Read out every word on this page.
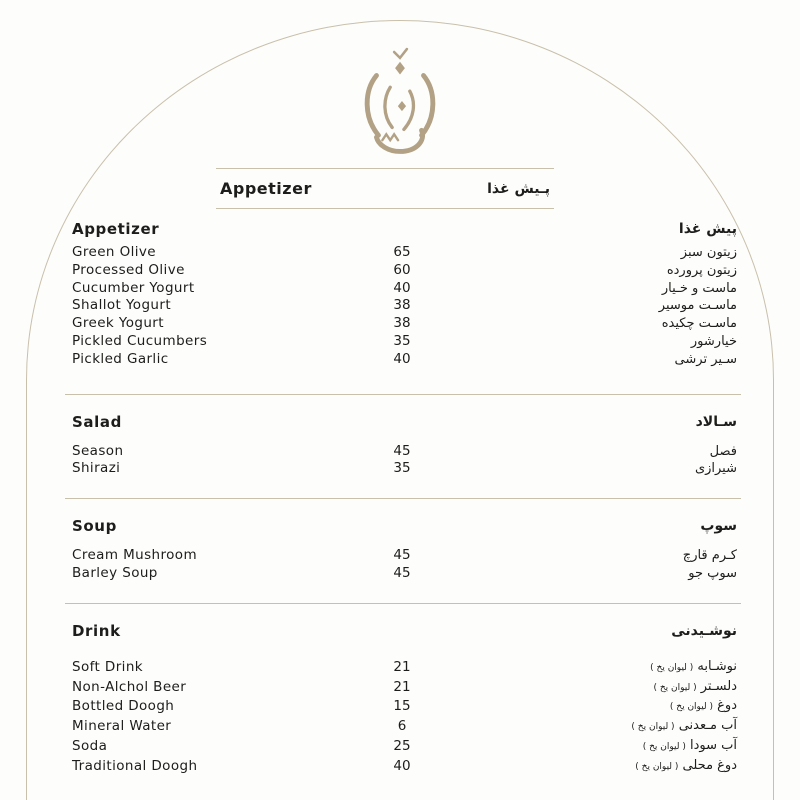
Appetizer	پـیش غذا
Appetizer	پیش غذا
Green Olive	65	زیتون سبز
Processed Olive	60	زیتون پرورده
Cucumber Yogurt	40	ماست و خـیار
Shallot Yogurt	38	ماسـت موسیر
Greek Yogurt	38	ماسـت چکیده
Pickled Cucumbers	35	خیارشور
Pickled Garlic	40	سـیر ترشی
Salad	سـالاد
Season	45	فصل
Shirazi	35	شیرازی
Soup	سوپ
Cream Mushroom	45	کـرم قارچ
Barley Soup	45	سوپ جو
Drink	نوشـیدنی
Soft Drink	21	نوشـابه ( لیوان یخ )
Non-Alchol Beer	21	دلسـتر ( لیوان یخ )
Bottled Doogh	15	دوغ ( لیوان یخ )
Mineral Water	6	آب مـعدنی ( لیوان یخ )
Soda	25	آب سودا ( لیوان یخ )
Traditional Doogh	40	دوغ محلی ( لیوان یخ )
